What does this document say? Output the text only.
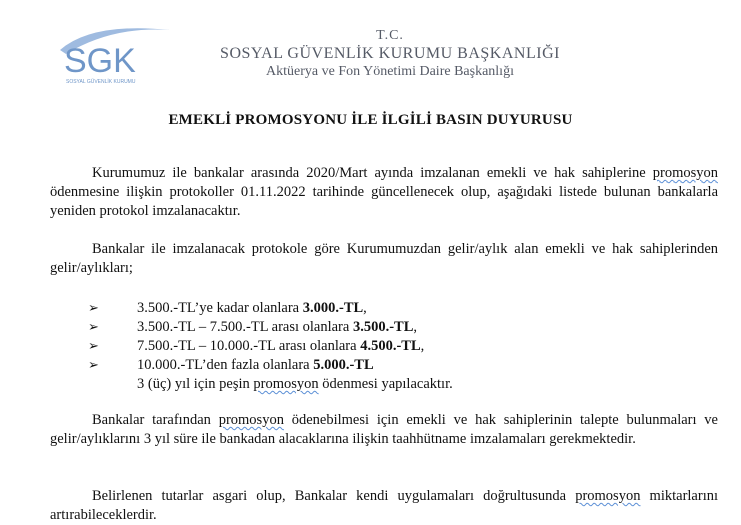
SGK
SOSYAL GÜVENLİK KURUMU
T.C.
SOSYAL GÜVENLİK KURUMU BAŞKANLIĞI
Aktüerya ve Fon Yönetimi Daire Başkanlığı
EMEKLİ PROMOSYONU İLE İLGİLİ BASIN DUYURUSU
Kurumumuz ile bankalar arasında 2020/Mart ayında imzalanan emekli ve hak sahiplerine promosyon ödenmesine ilişkin protokoller 01.11.2022 tarihinde güncellenecek olup, aşağıdaki listede bulunan bankalarla yeniden protokol imzalanacaktır.
Bankalar ile imzalanacak protokole göre Kurumumuzdan gelir/aylık alan emekli ve hak sahiplerinden gelir/aylıkları;
➢	3.500.-TL’ye kadar olanlara 3.000.-TL,
➢	3.500.-TL – 7.500.-TL arası olanlara 3.500.-TL,
➢	7.500.-TL – 10.000.-TL arası olanlara 4.500.-TL,
➢	10.000.-TL’den fazla olanlara 5.000.-TL
3 (üç) yıl için peşin promosyon ödenmesi yapılacaktır.
Bankalar tarafından promosyon ödenebilmesi için emekli ve hak sahiplerinin talepte bulunmaları ve gelir/aylıklarını 3 yıl süre ile bankadan alacaklarına ilişkin taahhütname imzalamaları gerekmektedir.
Belirlenen tutarlar asgari olup, Bankalar kendi uygulamaları doğrultusunda promosyon miktarlarını artırabileceklerdir.
